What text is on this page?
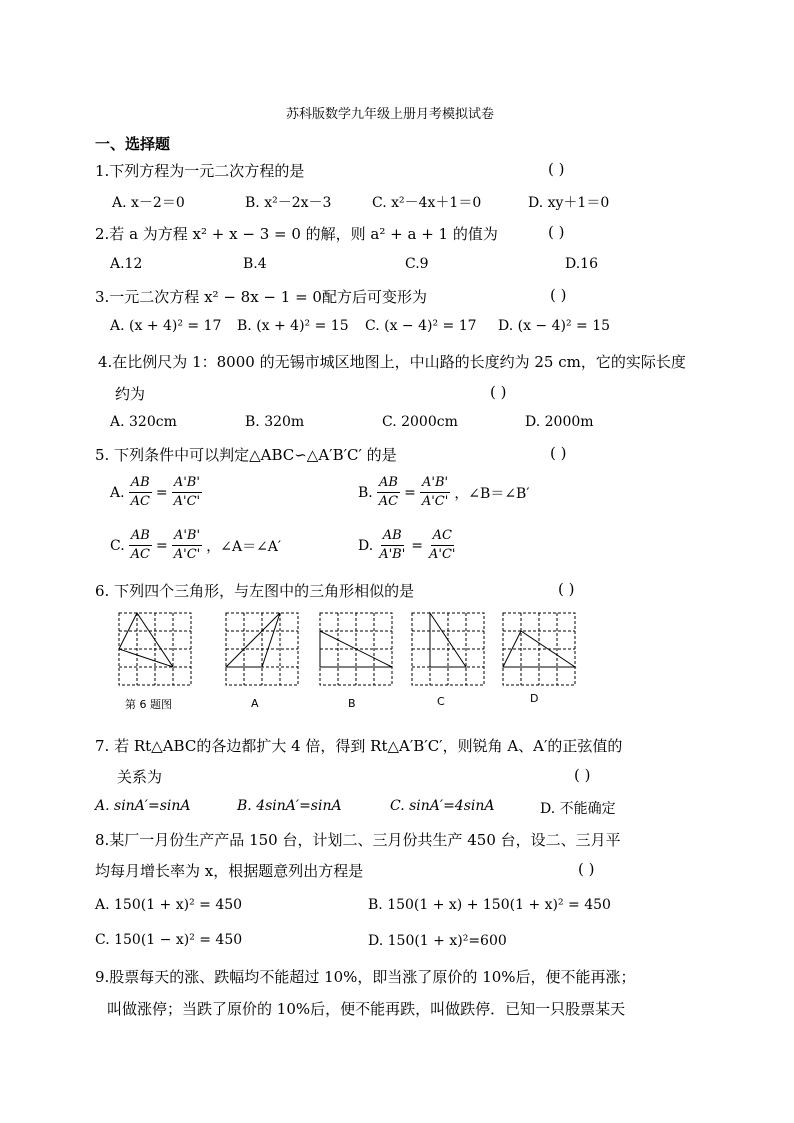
苏科版数学九年级上册月考模拟试卷
一、选择题
1.下列方程为一元二次方程的是	( )
A. x－2＝0	B. x²－2x－3	C. x²－4x＋1＝0	D. xy＋1＝0
2.若 a 为方程 x² + x − 3 = 0 的解，则 a² + a + 1 的值为	( )
A.12	B.4	C.9	D.16
3.一元二次方程 x² − 8x − 1 = 0配方后可变形为	( )
A. (x + 4)² = 17 B. (x + 4)² = 15 C. (x − 4)² = 17 D. (x − 4)² = 15
4.在比例尺为 1：8000 的无锡市城区地图上，中山路的长度约为 25 cm，它的实际长度
约为	( )
A. 320cm	B. 320m	C. 2000cm	D. 2000m
5. 下列条件中可以判定△ABC∽△A′B′C′ 的是	( )
A. $\frac{AB}{AC} = \frac{A'B'}{A'C'}$	B. $\frac{AB}{AC} = \frac{A'B'}{A'C'}$ ，∠B＝∠B′
C. $\frac{AB}{AC} = \frac{A'B'}{A'C'}$ ，∠A＝∠A′	D. $\frac{AB}{A'B'} = \frac{AC}{A'C'}$
6. 下列四个三角形，与左图中的三角形相似的是	( )
第 6 题图	A	B	C	D
7. 若 Rt△ABC的各边都扩大 4 倍，得到 Rt△A′B′C′，则锐角 A、A′的正弦值的
关系为	( )
A. sinA′=sinA	B. 4sinA′=sinA	C. sinA′=4sinA	D. 不能确定
8.某厂一月份生产产品 150 台，计划二、三月份共生产 450 台，设二、三月平
均每月增长率为 x，根据题意列出方程是	( )
A. 150(1 + x)² = 450	B. 150(1 + x) + 150(1 + x)² = 450
C. 150(1 − x)² = 450	D. 150(1 + x)²=600
9.股票每天的涨、跌幅均不能超过 10%，即当涨了原价的 10%后，便不能再涨；
叫做涨停；当跌了原价的 10%后，便不能再跌，叫做跌停．已知一只股票某天
